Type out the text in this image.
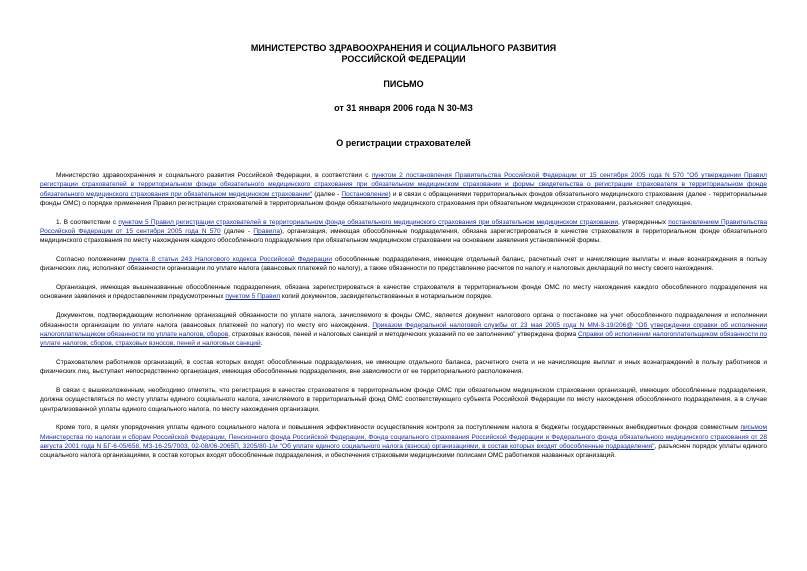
МИНИСТЕРСТВО ЗДРАВООХРАНЕНИЯ И СОЦИАЛЬНОГО РАЗВИТИЯ
РОССИЙСКОЙ ФЕДЕРАЦИИ
ПИСЬМО
от 31 января 2006 года N 30-МЗ
О регистрации страхователей

Министерство здравоохранения и социального развития Российской Федерации, в соответствии с пунктом 2 постановления Правительства Российской Федерации от 15 сентября 2005 года N 570 "Об утверждении Правил регистрации страхователей в территориальном фонде обязательного медицинского страхования при обязательном медицинском страховании и формы свидетельства о регистрации страхователя в территориальном фонде обязательного медицинского страхования при обязательном медицинском страховании" (далее - Постановление) и в связи с обращениями территориальных фондов обязательного медицинского страхования (далее - территориальные фонды ОМС) о порядке применения Правил регистрации страхователей в территориальном фонде обязательного медицинского страхования при обязательном медицинском страховании, разъясняет следующее.

1. В соответствии с пунктом 5 Правил регистрации страхователей в территориальном фонде обязательного медицинского страхования при обязательном медицинском страховании, утвержденных постановлением Правительства Российской Федерации от 15 сентября 2005 года N 570 (далее - Правила), организация, имеющая обособленные подразделения, обязана зарегистрироваться в качестве страхователя в территориальном фонде обязательного медицинского страхования по месту нахождения каждого обособленного подразделения при обязательном медицинском страховании на основании заявления установленной формы.

Согласно положениям пункта 8 статьи 243 Налогового кодекса Российской Федерации обособленные подразделения, имеющие отдельный баланс, расчетный счет и начисляющие выплаты и иные вознаграждения в пользу физических лиц, исполняют обязанности организации по уплате налога (авансовых платежей по налогу), а также обязанности по представлению расчетов по налогу и налоговых деклараций по месту своего нахождения.

Организация, имеющая вышеназванные обособленные подразделения, обязана зарегистрироваться в качестве страхователя в территориальном фонде ОМС по месту нахождения каждого обособленного подразделения на основании заявления и предоставлением предусмотренных пунктом 5 Правил копий документов, засвидетельствованных в нотариальном порядке.

Документом, подтверждающим исполнение организацией обязанности по уплате налога, зачисляемого в фонды ОМС, является документ налогового органа о постановке на учет обособленного подразделения и исполнении обязанности организации по уплате налога (авансовых платежей по налогу) по месту его нахождения. Приказом Федеральной налоговой службы от 23 мая 2005 года N ММ-3-19/206@ "Об утверждении справки об исполнении налогоплательщиком обязанности по уплате налогов, сборов, страховых взносов, пеней и налоговых санкций и методических указаний по ее заполнению" утверждена форма Справки об исполнении налогоплательщиком обязанности по уплате налогов, сборов, страховых взносов, пеней и налоговых санкций.

Страхователем работников организаций, в состав которых входят обособленные подразделения, не имеющие отдельного баланса, расчетного счета и не начисляющие выплат и иных вознаграждений в пользу работников и физических лиц, выступает непосредственно организация, имеющая обособленные подразделения, вне зависимости от ее территориального расположения.

В связи с вышеизложенным, необходимо отметить, что регистрация в качестве страхователя в территориальном фонде ОМС при обязательном медицинском страховании организаций, имеющих обособленные подразделения, должна осуществляться по месту уплаты единого социального налога, зачисляемого в территориальный фонд ОМС соответствующего субъекта Российской Федерации по месту нахождения обособленного подразделения, а в случае централизованной уплаты единого социального налога, по месту нахождения организации.

Кроме того, в целях упорядочения уплаты единого социального налога и повышения эффективности осуществления контроля за поступлением налога в бюджеты государственных внебюджетных фондов совместным письмом Министерства по налогам и сборам Российской Федерации, Пенсионного фонда Российской Федерации, Фонда социального страхования Российской Федерации и Федерального фонда обязательного медицинского страхования от 28 августа 2001 года N БГ-6-05/658, МЗ-16-25/7003, 02-08/06-2065П, 3205/80-1/и "Об уплате единого социального налога (взноса) организациями, в состав которых входят обособленные подразделения", разъяснен порядок уплаты единого социального налога организациями, в состав которых входят обособленные подразделения, и обеспечения страховыми медицинскими полисами ОМС работников названных организаций.
